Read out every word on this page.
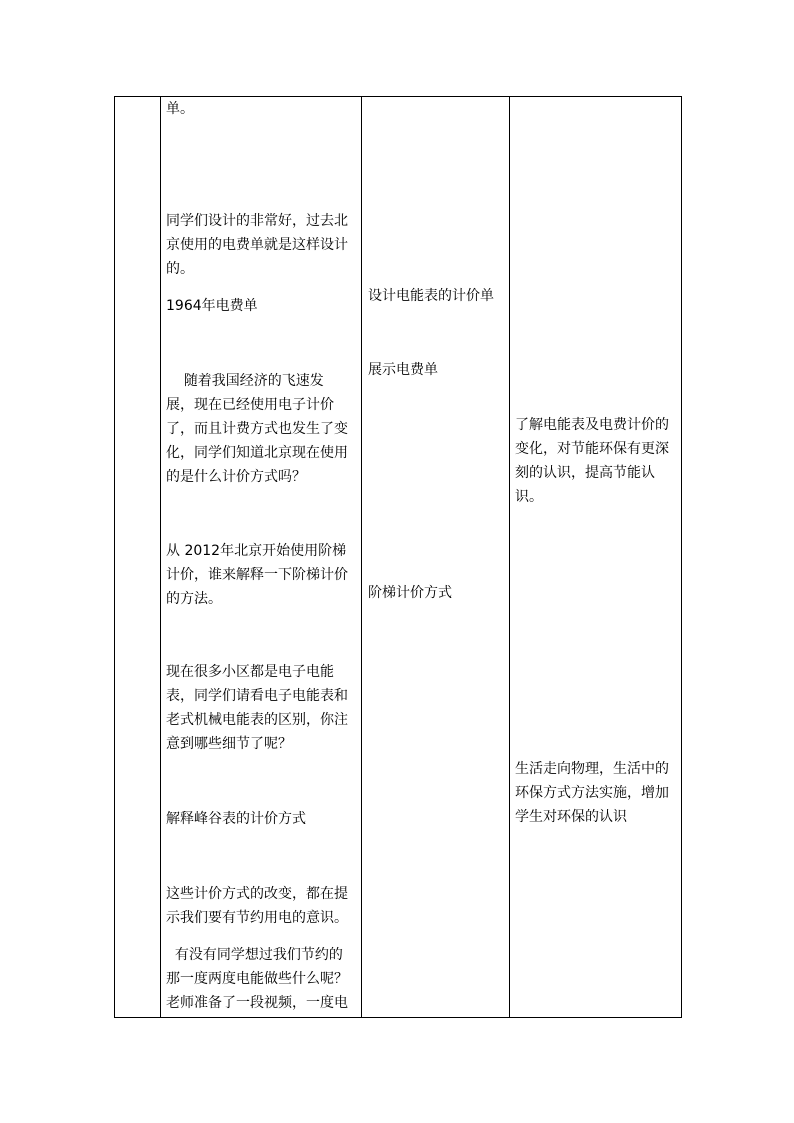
单。

同学们设计的非常好，过去北
京使用的电费单就是这样设计
的。

1964年电费单

随着我国经济的飞速发
展，现在已经使用电子计价
了，而且计费方式也发生了变
化，同学们知道北京现在使用
的是什么计价方式吗？

从 2012年北京开始使用阶梯
计价，谁来解释一下阶梯计价
的方法。

现在很多小区都是电子电能
表，同学们请看电子电能表和
老式机械电能表的区别，你注
意到哪些细节了呢？

解释峰谷表的计价方式

这些计价方式的改变，都在提
示我们要有节约用电的意识。

有没有同学想过我们节约的
那一度两度电能做些什么呢？
老师准备了一段视频，一度电

设计电能表的计价单

展示电费单

阶梯计价方式

了解电能表及电费计价的
变化，对节能环保有更深
刻的认识，提高节能认
识。

生活走向物理，生活中的
环保方式方法实施，增加
学生对环保的认识
